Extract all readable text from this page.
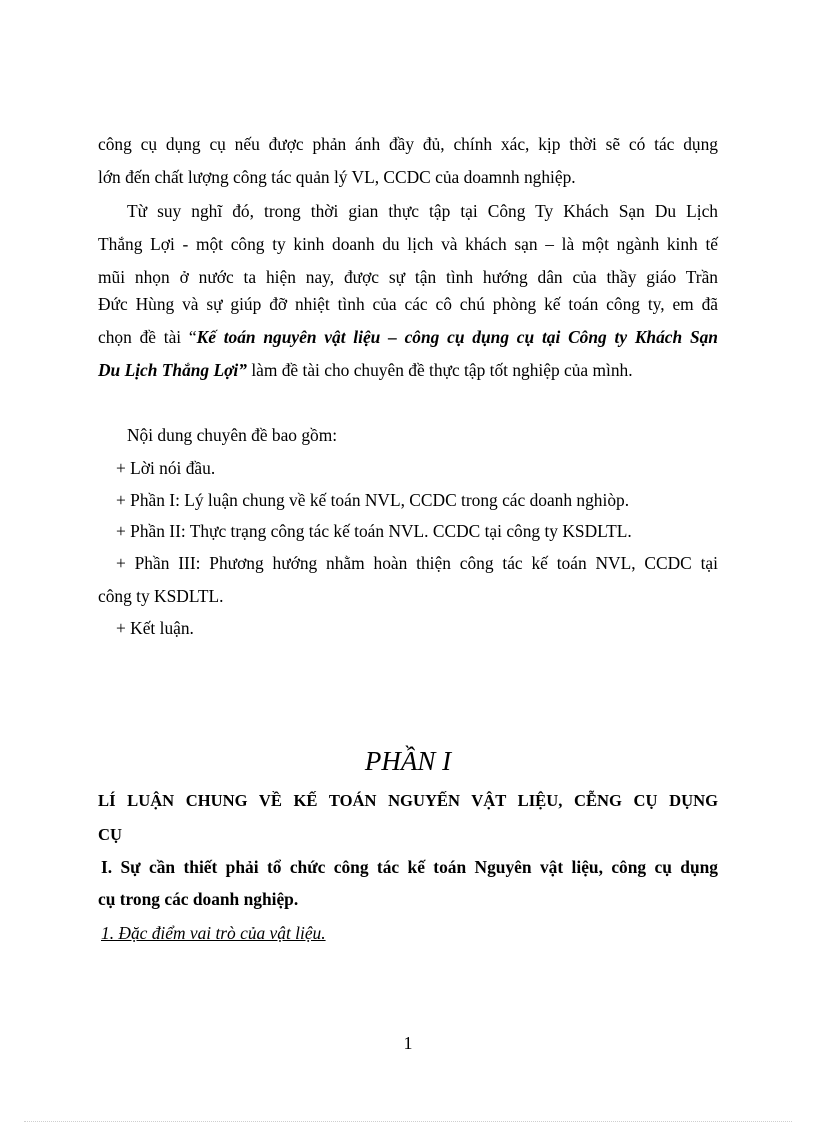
công cụ dụng cụ nếu được phản ánh đầy đủ, chính xác, kịp thời sẽ có tác dụng
lớn đến chất lượng công tác quản lý VL, CCDC của doamnh nghiệp.
Từ suy nghĩ đó, trong thời gian thực tập tại Công Ty Khách Sạn Du Lịch
Thắng Lợi - một công ty kinh doanh du lịch và khách sạn – là một ngành kinh tế
mũi nhọn ở nước ta hiện nay, được sự tận tình hướng dân của thầy giáo Trần
Đức Hùng và sự giúp đỡ nhiệt tình của các cô chú phòng kế toán công ty, em đã
chọn đề tài “Kế toán nguyên vật liệu – công cụ dụng cụ tại Công ty Khách Sạn
Du Lịch Thắng Lợi” làm đề tài cho chuyên đề thực tập tốt nghiệp của mình.
Nội dung chuyên đề bao gồm:
+ Lời nói đầu.
+ Phần I: Lý luận chung về kế toán NVL, CCDC trong các doanh nghiòp.
+ Phần II: Thực trạng công tác kế toán NVL. CCDC tại công ty KSDLTL.
+ Phần III: Phương hướng nhằm hoàn thiện công tác kế toán NVL, CCDC tại
công ty KSDLTL.
+ Kết luận.
PHẦN I
LÍ LUẬN CHUNG VỀ KẾ TOÁN NGUYẾN VẬT LIỆU, CỄNG CỤ DỤNG
CỤ
I. Sự cần thiết phải tổ chức công tác kế toán Nguyên vật liệu, công cụ dụng
cụ trong các doanh nghiệp.
1. Đặc điểm vai trò của vật liệu.
1
